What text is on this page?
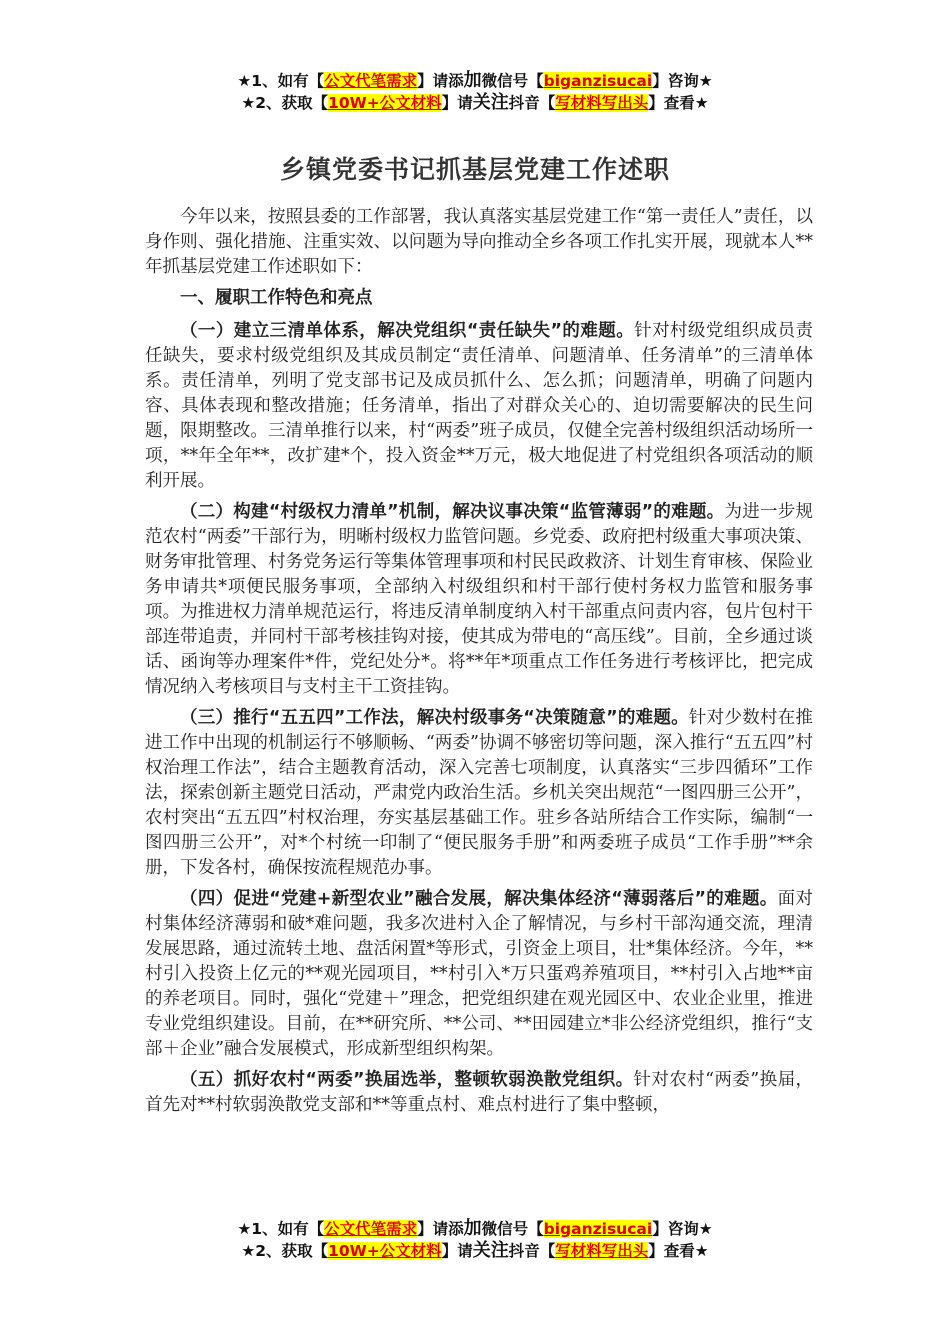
★1、如有【公文代笔需求】请添加微信号【biganzisucai】咨询★
★2、获取【10W+公文材料】请关注抖音【写材料写出头】查看★
乡镇党委书记抓基层党建工作述职

今年以来，按照县委的工作部署，我认真落实基层党建工作“第一责任人”责任，以身作则、强化措施、注重实效、以问题为导向推动全乡各项工作扎实开展，现就本人**年抓基层党建工作述职如下：

一、履职工作特色和亮点

（一）建立三清单体系，解决党组织“责任缺失”的难题。针对村级党组织成员责任缺失，要求村级党组织及其成员制定“责任清单、问题清单、任务清单”的三清单体系。责任清单，列明了党支部书记及成员抓什么、怎么抓；问题清单，明确了问题内容、具体表现和整改措施；任务清单，指出了对群众关心的、迫切需要解决的民生问题，限期整改。三清单推行以来，村“两委”班子成员，仅健全完善村级组织活动场所一项，**年全年**，改扩建*个，投入资金**万元，极大地促进了村党组织各项活动的顺利开展。

（二）构建“村级权力清单”机制，解决议事决策“监管薄弱”的难题。为进一步规范农村“两委”干部行为，明晰村级权力监管问题。乡党委、政府把村级重大事项决策、财务审批管理、村务党务运行等集体管理事项和村民民政救济、计划生育审核、保险业务申请共*项便民服务事项，全部纳入村级组织和村干部行使村务权力监管和服务事项。为推进权力清单规范运行，将违反清单制度纳入村干部重点问责内容，包片包村干部连带追责，并同村干部考核挂钩对接，使其成为带电的“高压线”。目前，全乡通过谈话、函询等办理案件*件，党纪处分*。将**年*项重点工作任务进行考核评比，把完成情况纳入考核项目与支村主干工资挂钩。

（三）推行“五五四”工作法，解决村级事务“决策随意”的难题。针对少数村在推进工作中出现的机制运行不够顺畅、“两委”协调不够密切等问题，深入推行“五五四”村权治理工作法”，结合主题教育活动，深入完善七项制度，认真落实“三步四循环”工作法，探索创新主题党日活动，严肃党内政治生活。乡机关突出规范“一图四册三公开”，农村突出“五五四”村权治理，夯实基层基础工作。驻乡各站所结合工作实际，编制“一图四册三公开”，对*个村统一印制了“便民服务手册”和两委班子成员“工作手册”**余册，下发各村，确保按流程规范办事。

（四）促进“党建+新型农业”融合发展，解决集体经济“薄弱落后”的难题。面对村集体经济薄弱和破*难问题，我多次进村入企了解情况，与乡村干部沟通交流，理清发展思路，通过流转土地、盘活闲置*等形式，引资金上项目，壮*集体经济。今年，**村引入投资上亿元的**观光园项目，**村引入*万只蛋鸡养殖项目，**村引入占地**亩的养老项目。同时，强化“党建＋”理念，把党组织建在观光园区中、农业企业里，推进专业党组织建设。目前，在**研究所、**公司、**田园建立*非公经济党组织，推行“支部＋企业”融合发展模式，形成新型组织构架。

（五）抓好农村“两委”换届选举，整顿软弱涣散党组织。针对农村“两委”换届，首先对**村软弱涣散党支部和**等重点村、难点村进行了集中整顿，

★1、如有【公文代笔需求】请添加微信号【biganzisucai】咨询★
★2、获取【10W+公文材料】请关注抖音【写材料写出头】查看★
